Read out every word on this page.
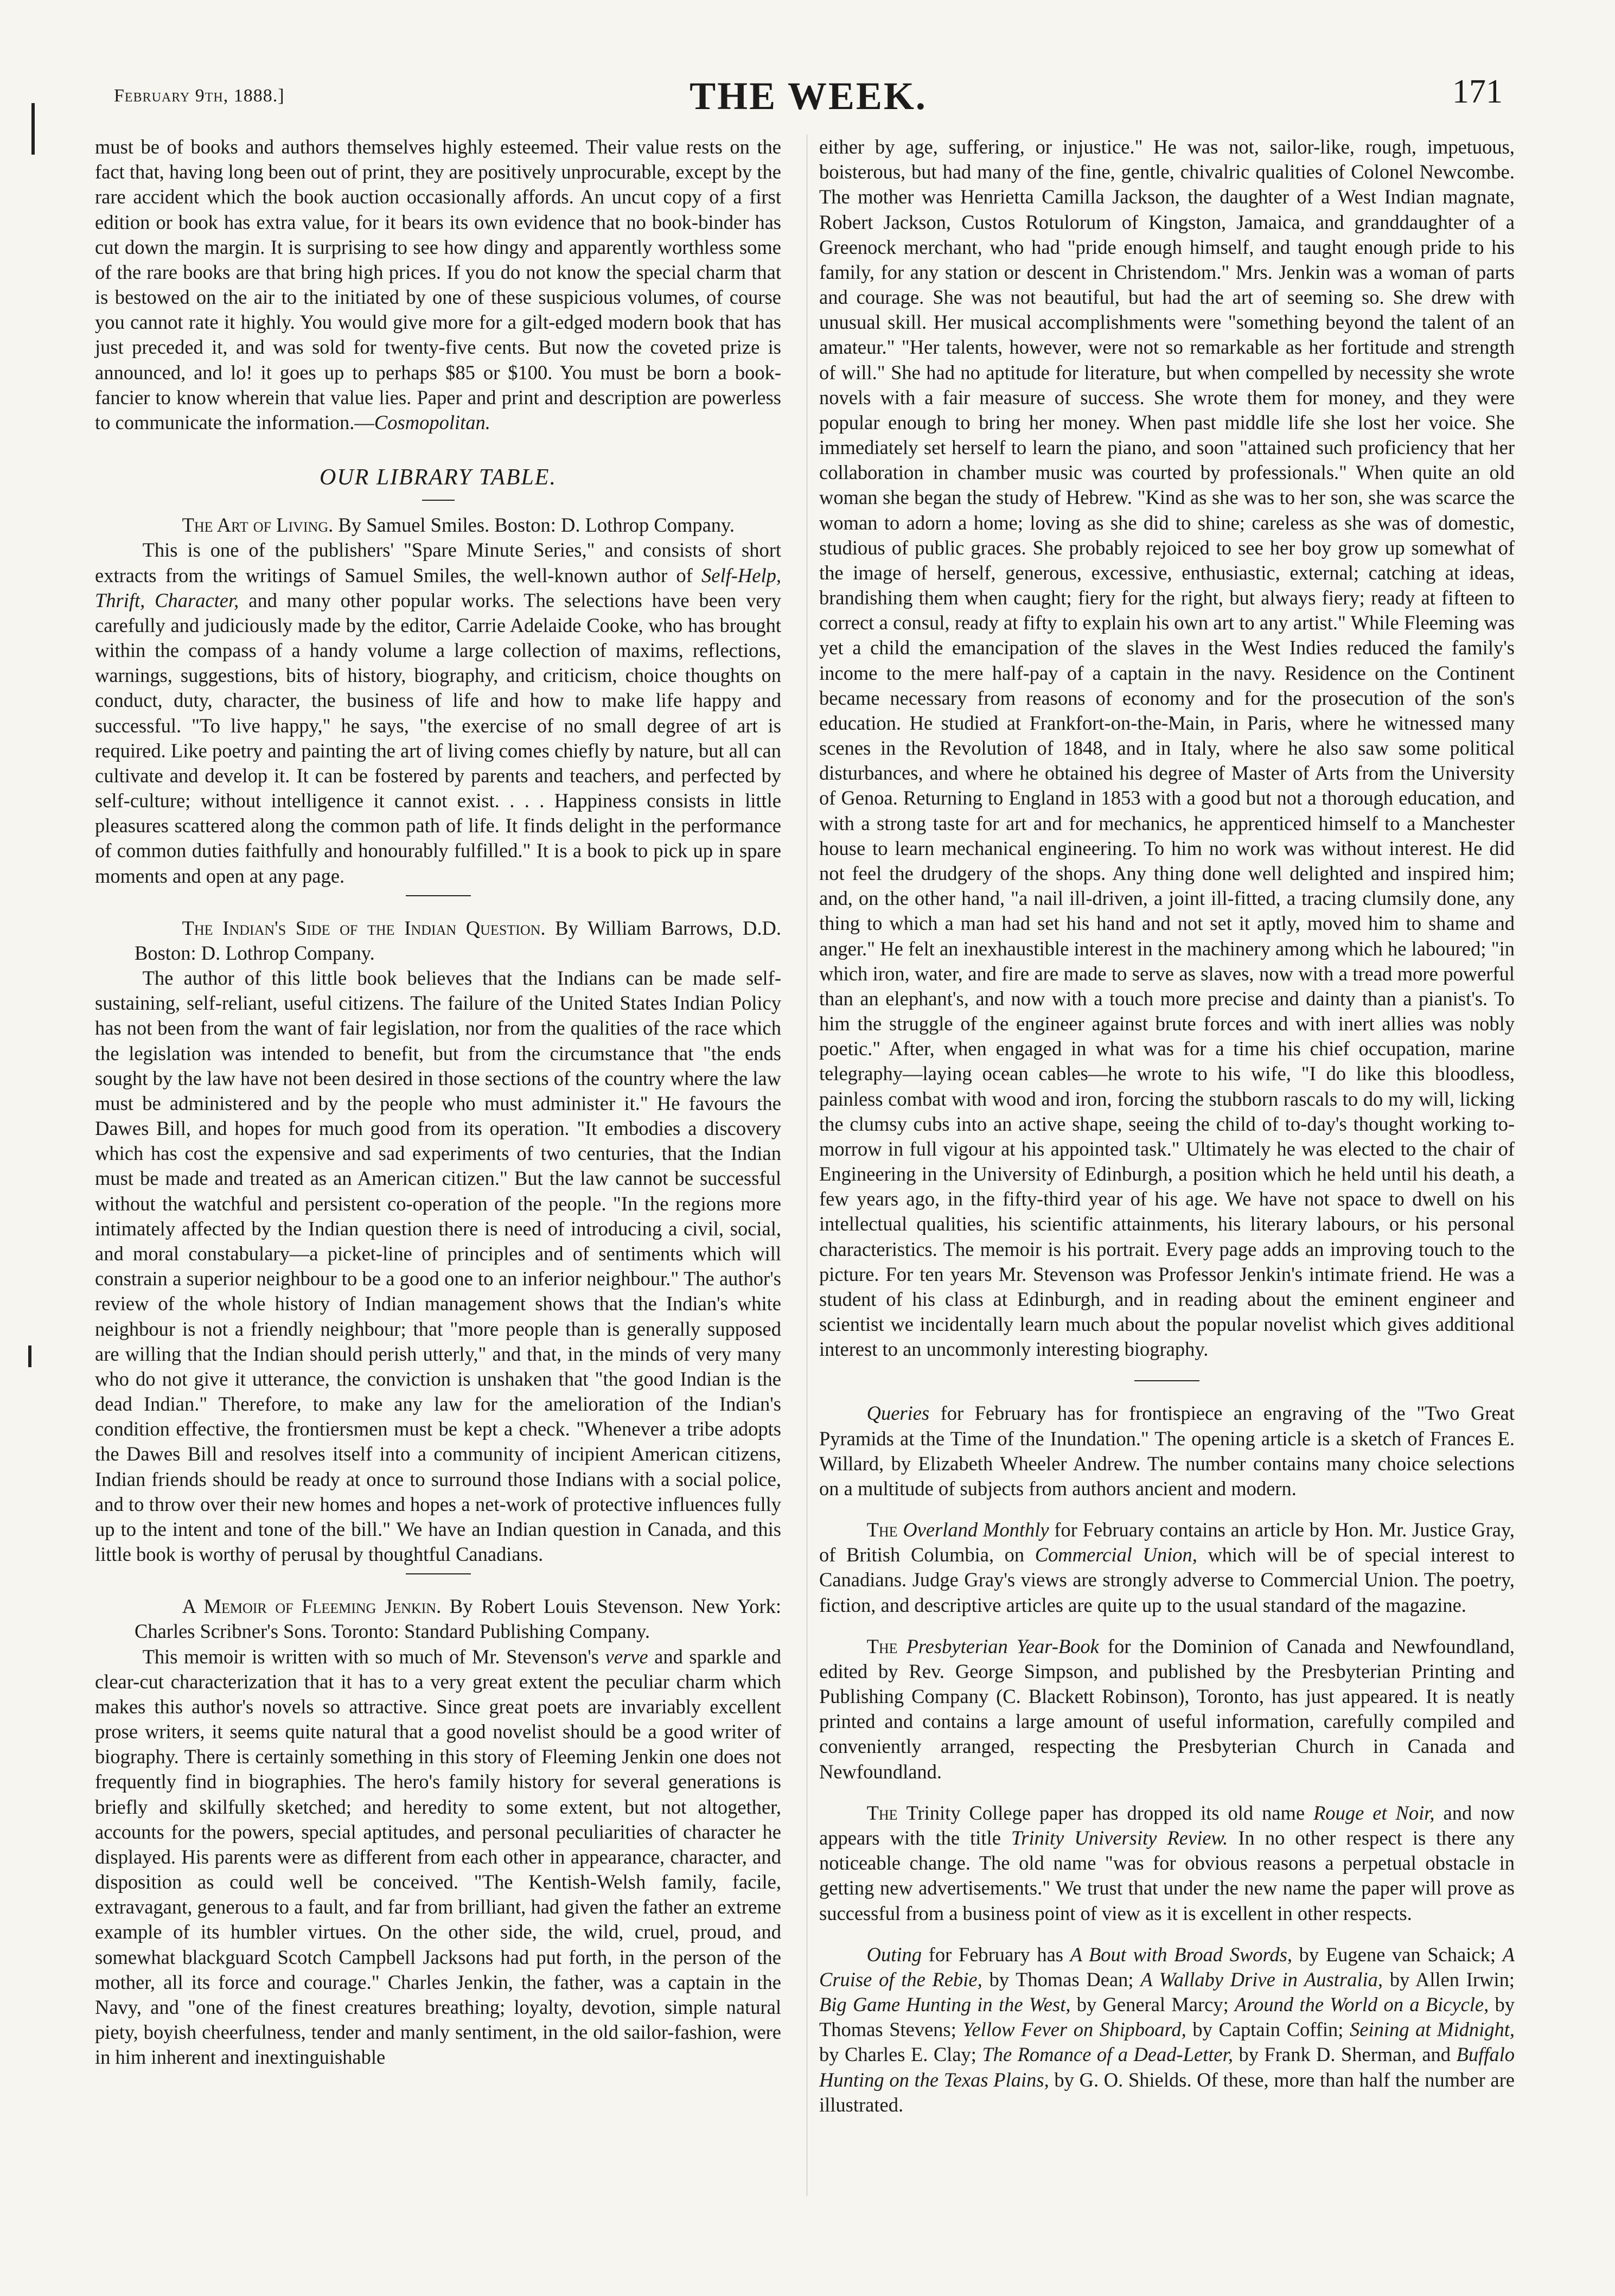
February 9th, 1888.]	THE WEEK.	171

must be of books and authors themselves highly esteemed. Their value rests on the fact that, having long been out of print, they are positively unprocurable, except by the rare accident which the book auction occasionally affords. An uncut copy of a first edition or book has extra value, for it bears its own evidence that no book-binder has cut down the margin. It is surprising to see how dingy and apparently worthless some of the rare books are that bring high prices. If you do not know the special charm that is bestowed on the air to the initiated by one of these suspicious volumes, of course you cannot rate it highly. You would give more for a gilt-edged modern book that has just preceded it, and was sold for twenty-five cents. But now the coveted prize is announced, and lo! it goes up to perhaps $85 or $100. You must be born a book-fancier to know wherein that value lies. Paper and print and description are powerless to communicate the information.—Cosmopolitan.

OUR LIBRARY TABLE.

The Art of Living. By Samuel Smiles. Boston: D. Lothrop Company.

This is one of the publishers' "Spare Minute Series," and consists of short extracts from the writings of Samuel Smiles, the well-known author of Self-Help, Thrift, Character, and many other popular works. The selections have been very carefully and judiciously made by the editor, Carrie Adelaide Cooke, who has brought within the compass of a handy volume a large collection of maxims, reflections, warnings, suggestions, bits of history, biography, and criticism, choice thoughts on conduct, duty, character, the business of life and how to make life happy and successful. "To live happy," he says, "the exercise of no small degree of art is required. Like poetry and painting the art of living comes chiefly by nature, but all can cultivate and develop it. It can be fostered by parents and teachers, and perfected by self-culture; without intelligence it cannot exist. . . . Happiness consists in little pleasures scattered along the common path of life. It finds delight in the performance of common duties faithfully and honourably fulfilled." It is a book to pick up in spare moments and open at any page.

The Indian's Side of the Indian Question. By William Barrows, D.D. Boston: D. Lothrop Company.

The author of this little book believes that the Indians can be made self-sustaining, self-reliant, useful citizens. The failure of the United States Indian Policy has not been from the want of fair legislation, nor from the qualities of the race which the legislation was intended to benefit, but from the circumstance that "the ends sought by the law have not been desired in those sections of the country where the law must be administered and by the people who must administer it." He favours the Dawes Bill, and hopes for much good from its operation. "It embodies a discovery which has cost the expensive and sad experiments of two centuries, that the Indian must be made and treated as an American citizen." But the law cannot be successful without the watchful and persistent co-operation of the people. "In the regions more intimately affected by the Indian question there is need of introducing a civil, social, and moral constabulary—a picket-line of principles and of sentiments which will constrain a superior neighbour to be a good one to an inferior neighbour." The author's review of the whole history of Indian management shows that the Indian's white neighbour is not a friendly neighbour; that "more people than is generally supposed are willing that the Indian should perish utterly," and that, in the minds of very many who do not give it utterance, the conviction is unshaken that "the good Indian is the dead Indian." Therefore, to make any law for the amelioration of the Indian's condition effective, the frontiersmen must be kept a check. "Whenever a tribe adopts the Dawes Bill and resolves itself into a community of incipient American citizens, Indian friends should be ready at once to surround those Indians with a social police, and to throw over their new homes and hopes a net-work of protective influences fully up to the intent and tone of the bill." We have an Indian question in Canada, and this little book is worthy of perusal by thoughtful Canadians.

A Memoir of Fleeming Jenkin. By Robert Louis Stevenson. New York: Charles Scribner's Sons. Toronto: Standard Publishing Company.

This memoir is written with so much of Mr. Stevenson's verve and sparkle and clear-cut characterization that it has to a very great extent the peculiar charm which makes this author's novels so attractive. Since great poets are invariably excellent prose writers, it seems quite natural that a good novelist should be a good writer of biography. There is certainly something in this story of Fleeming Jenkin one does not frequently find in biographies. The hero's family history for several generations is briefly and skilfully sketched; and heredity to some extent, but not altogether, accounts for the powers, special aptitudes, and personal peculiarities of character he displayed. His parents were as different from each other in appearance, character, and disposition as could well be conceived. "The Kentish-Welsh family, facile, extravagant, generous to a fault, and far from brilliant, had given the father an extreme example of its humbler virtues. On the other side, the wild, cruel, proud, and somewhat blackguard Scotch Campbell Jacksons had put forth, in the person of the mother, all its force and courage." Charles Jenkin, the father, was a captain in the Navy, and "one of the finest creatures breathing; loyalty, devotion, simple natural piety, boyish cheerfulness, tender and manly sentiment, in the old sailor-fashion, were in him inherent and inextinguishable

either by age, suffering, or injustice." He was not, sailor-like, rough, impetuous, boisterous, but had many of the fine, gentle, chivalric qualities of Colonel Newcombe. The mother was Henrietta Camilla Jackson, the daughter of a West Indian magnate, Robert Jackson, Custos Rotulorum of Kingston, Jamaica, and granddaughter of a Greenock merchant, who had "pride enough himself, and taught enough pride to his family, for any station or descent in Christendom." Mrs. Jenkin was a woman of parts and courage. She was not beautiful, but had the art of seeming so. She drew with unusual skill. Her musical accomplishments were "something beyond the talent of an amateur." "Her talents, however, were not so remarkable as her fortitude and strength of will." She had no aptitude for literature, but when compelled by necessity she wrote novels with a fair measure of success. She wrote them for money, and they were popular enough to bring her money. When past middle life she lost her voice. She immediately set herself to learn the piano, and soon "attained such proficiency that her collaboration in chamber music was courted by professionals." When quite an old woman she began the study of Hebrew. "Kind as she was to her son, she was scarce the woman to adorn a home; loving as she did to shine; careless as she was of domestic, studious of public graces. She probably rejoiced to see her boy grow up somewhat of the image of herself, generous, excessive, enthusiastic, external; catching at ideas, brandishing them when caught; fiery for the right, but always fiery; ready at fifteen to correct a consul, ready at fifty to explain his own art to any artist." While Fleeming was yet a child the emancipation of the slaves in the West Indies reduced the family's income to the mere half-pay of a captain in the navy. Residence on the Continent became necessary from reasons of economy and for the prosecution of the son's education. He studied at Frankfort-on-the-Main, in Paris, where he witnessed many scenes in the Revolution of 1848, and in Italy, where he also saw some political disturbances, and where he obtained his degree of Master of Arts from the University of Genoa. Returning to England in 1853 with a good but not a thorough education, and with a strong taste for art and for mechanics, he apprenticed himself to a Manchester house to learn mechanical engineering. To him no work was without interest. He did not feel the drudgery of the shops. Any thing done well delighted and inspired him; and, on the other hand, "a nail ill-driven, a joint ill-fitted, a tracing clumsily done, any thing to which a man had set his hand and not set it aptly, moved him to shame and anger." He felt an inexhaustible interest in the machinery among which he laboured; "in which iron, water, and fire are made to serve as slaves, now with a tread more powerful than an elephant's, and now with a touch more precise and dainty than a pianist's. To him the struggle of the engineer against brute forces and with inert allies was nobly poetic." After, when engaged in what was for a time his chief occupation, marine telegraphy—laying ocean cables—he wrote to his wife, "I do like this bloodless, painless combat with wood and iron, forcing the stubborn rascals to do my will, licking the clumsy cubs into an active shape, seeing the child of to-day's thought working to-morrow in full vigour at his appointed task." Ultimately he was elected to the chair of Engineering in the University of Edinburgh, a position which he held until his death, a few years ago, in the fifty-third year of his age. We have not space to dwell on his intellectual qualities, his scientific attainments, his literary labours, or his personal characteristics. The memoir is his portrait. Every page adds an improving touch to the picture. For ten years Mr. Stevenson was Professor Jenkin's intimate friend. He was a student of his class at Edinburgh, and in reading about the eminent engineer and scientist we incidentally learn much about the popular novelist which gives additional interest to an uncommonly interesting biography.

Queries for February has for frontispiece an engraving of the "Two Great Pyramids at the Time of the Inundation." The opening article is a sketch of Frances E. Willard, by Elizabeth Wheeler Andrew. The number contains many choice selections on a multitude of subjects from authors ancient and modern.

The Overland Monthly for February contains an article by Hon. Mr. Justice Gray, of British Columbia, on Commercial Union, which will be of special interest to Canadians. Judge Gray's views are strongly adverse to Commercial Union. The poetry, fiction, and descriptive articles are quite up to the usual standard of the magazine.

The Presbyterian Year-Book for the Dominion of Canada and Newfoundland, edited by Rev. George Simpson, and published by the Presbyterian Printing and Publishing Company (C. Blackett Robinson), Toronto, has just appeared. It is neatly printed and contains a large amount of useful information, carefully compiled and conveniently arranged, respecting the Presbyterian Church in Canada and Newfoundland.

The Trinity College paper has dropped its old name Rouge et Noir, and now appears with the title Trinity University Review. In no other respect is there any noticeable change. The old name "was for obvious reasons a perpetual obstacle in getting new advertisements." We trust that under the new name the paper will prove as successful from a business point of view as it is excellent in other respects.

Outing for February has A Bout with Broad Swords, by Eugene van Schaick; A Cruise of the Rebie, by Thomas Dean; A Wallaby Drive in Australia, by Allen Irwin; Big Game Hunting in the West, by General Marcy; Around the World on a Bicycle, by Thomas Stevens; Yellow Fever on Shipboard, by Captain Coffin; Seining at Midnight, by Charles E. Clay; The Romance of a Dead-Letter, by Frank D. Sherman, and Buffalo Hunting on the Texas Plains, by G. O. Shields. Of these, more than half the number are illustrated.
